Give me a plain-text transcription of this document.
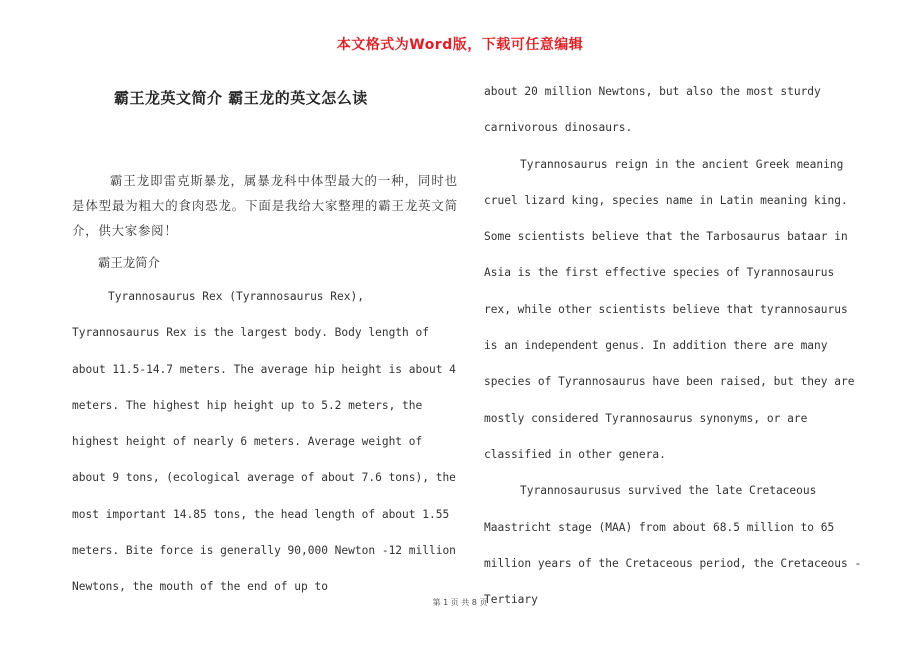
本文格式为Word版，下载可任意编辑
霸王龙英文简介 霸王龙的英文怎么读

霸王龙即雷克斯暴龙，属暴龙科中体型最大的一种，同时也是体型最为粗大的食肉恐龙。下面是我给大家整理的霸王龙英文简介，供大家参阅！

霸王龙简介

Tyrannosaurus Rex (Tyrannosaurus Rex), Tyrannosaurus Rex is the largest body. Body length of about 11.5-14.7 meters. The average hip height is about 4 meters. The highest hip height up to 5.2 meters, the highest height of nearly 6 meters. Average weight of about 9 tons, (ecological average of about 7.6 tons), the most important 14.85 tons, the head length of about 1.55 meters. Bite force is generally 90,000 Newton -12 million Newtons, the mouth of the end of up to

about 20 million Newtons, but also the most sturdy carnivorous dinosaurs.

Tyrannosaurus reign in the ancient Greek meaning cruel lizard king, species name in Latin meaning king. Some scientists believe that the Tarbosaurus bataar in Asia is the first effective species of Tyrannosaurus rex, while other scientists believe that tyrannosaurus is an independent genus. In addition there are many species of Tyrannosaurus have been raised, but they are mostly considered Tyrannosaurus synonyms, or are classified in other genera.

Tyrannosaurusus survived the late Cretaceous Maastricht stage (MAA) from about 68.5 million to 65 million years of the Cretaceous period, the Cretaceous - Tertiary

第 1 页 共 8 页
